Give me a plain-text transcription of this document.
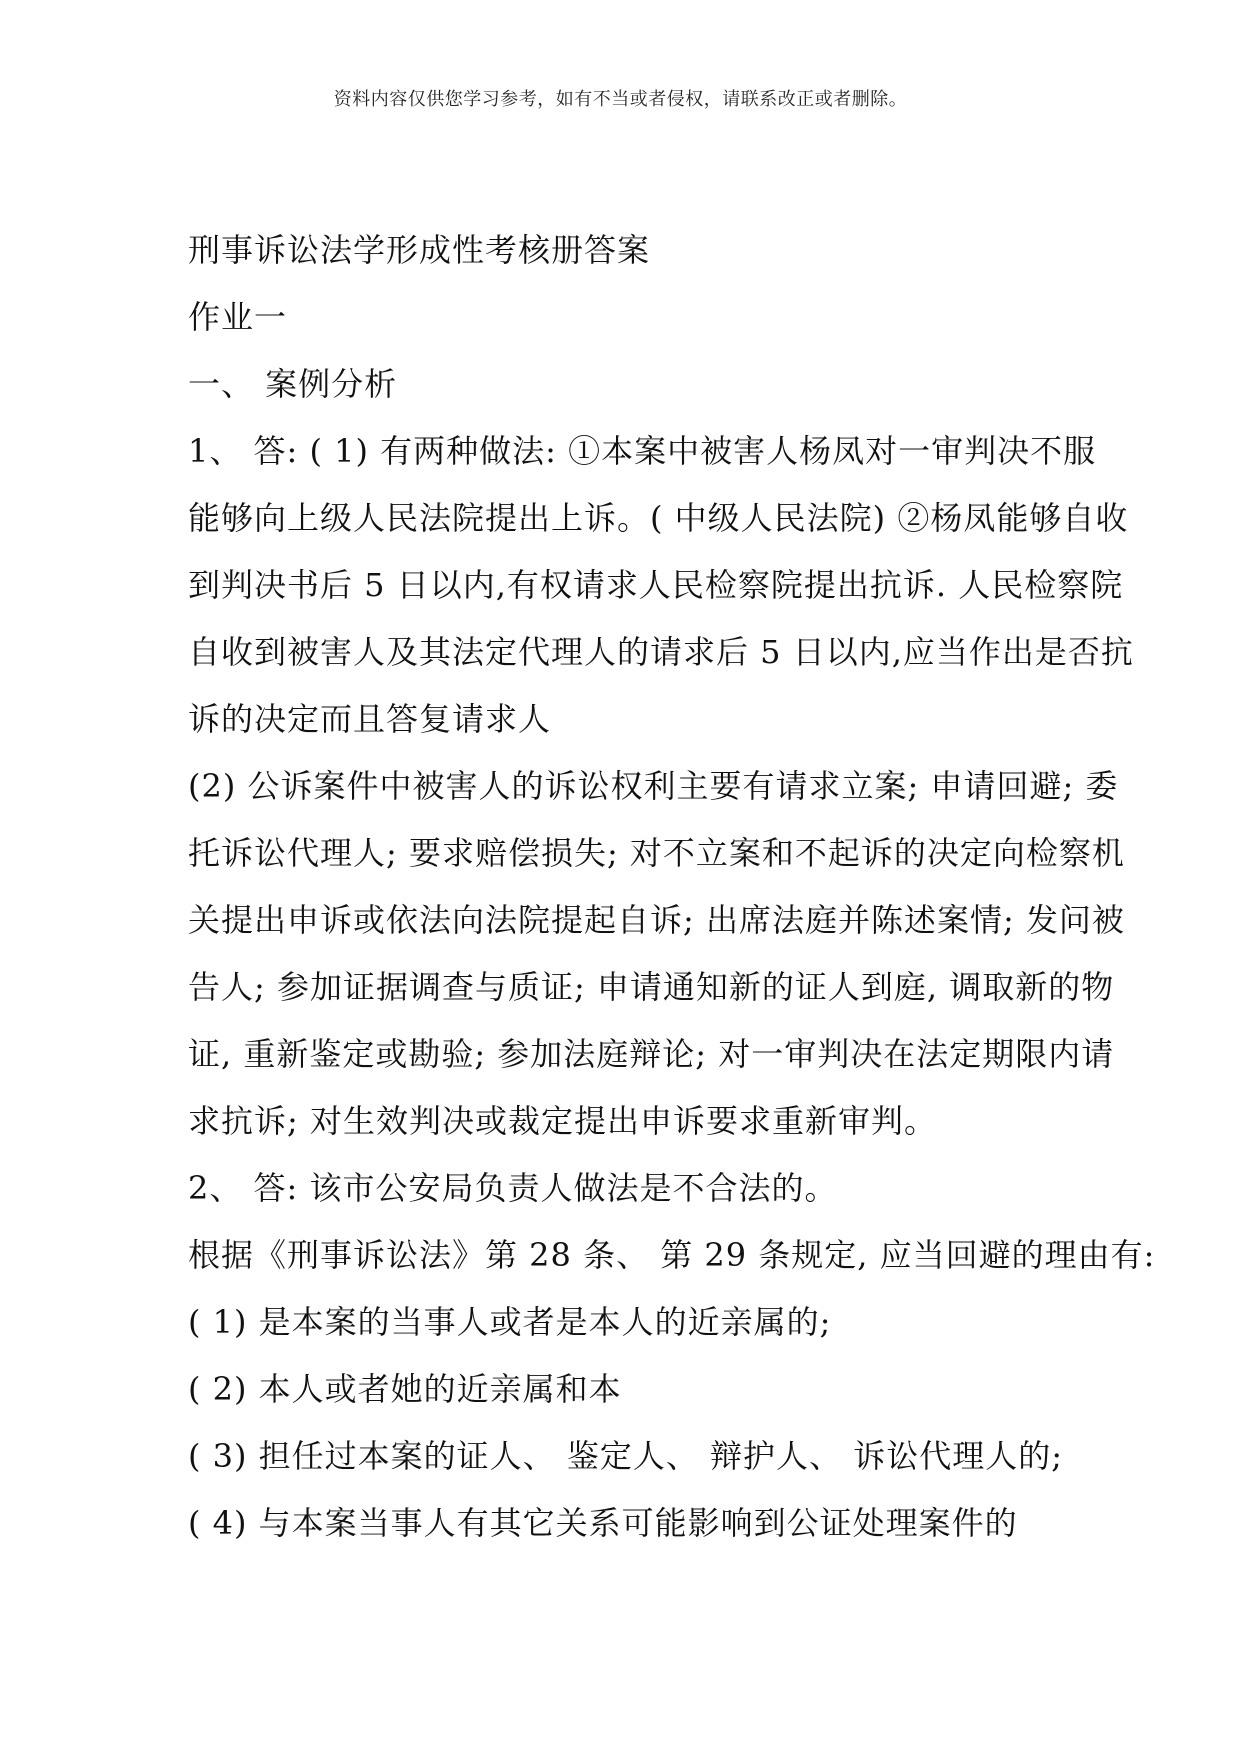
资料内容仅供您学习参考，如有不当或者侵权，请联系改正或者删除。
刑事诉讼法学形成性考核册答案
作业一
一、 案例分析
1、 答: ( 1) 有两种做法: ①本案中被害人杨凤对一审判决不服
能够向上级人民法院提出上诉。( 中级人民法院) ②杨凤能够自收
到判决书后 5 日以内,有权请求人民检察院提出抗诉. 人民检察院
自收到被害人及其法定代理人的请求后 5 日以内,应当作出是否抗
诉的决定而且答复请求人
(2) 公诉案件中被害人的诉讼权利主要有请求立案; 申请回避; 委
托诉讼代理人; 要求赔偿损失; 对不立案和不起诉的决定向检察机
关提出申诉或依法向法院提起自诉; 出席法庭并陈述案情; 发问被
告人; 参加证据调查与质证; 申请通知新的证人到庭, 调取新的物
证, 重新鉴定或勘验; 参加法庭辩论; 对一审判决在法定期限内请
求抗诉; 对生效判决或裁定提出申诉要求重新审判。
2、 答: 该市公安局负责人做法是不合法的。
根据《刑事诉讼法》第 28 条、 第 29 条规定, 应当回避的理由有:
( 1) 是本案的当事人或者是本人的近亲属的;
( 2) 本人或者她的近亲属和本
( 3) 担任过本案的证人、 鉴定人、 辩护人、 诉讼代理人的;
( 4) 与本案当事人有其它关系可能影响到公证处理案件的
